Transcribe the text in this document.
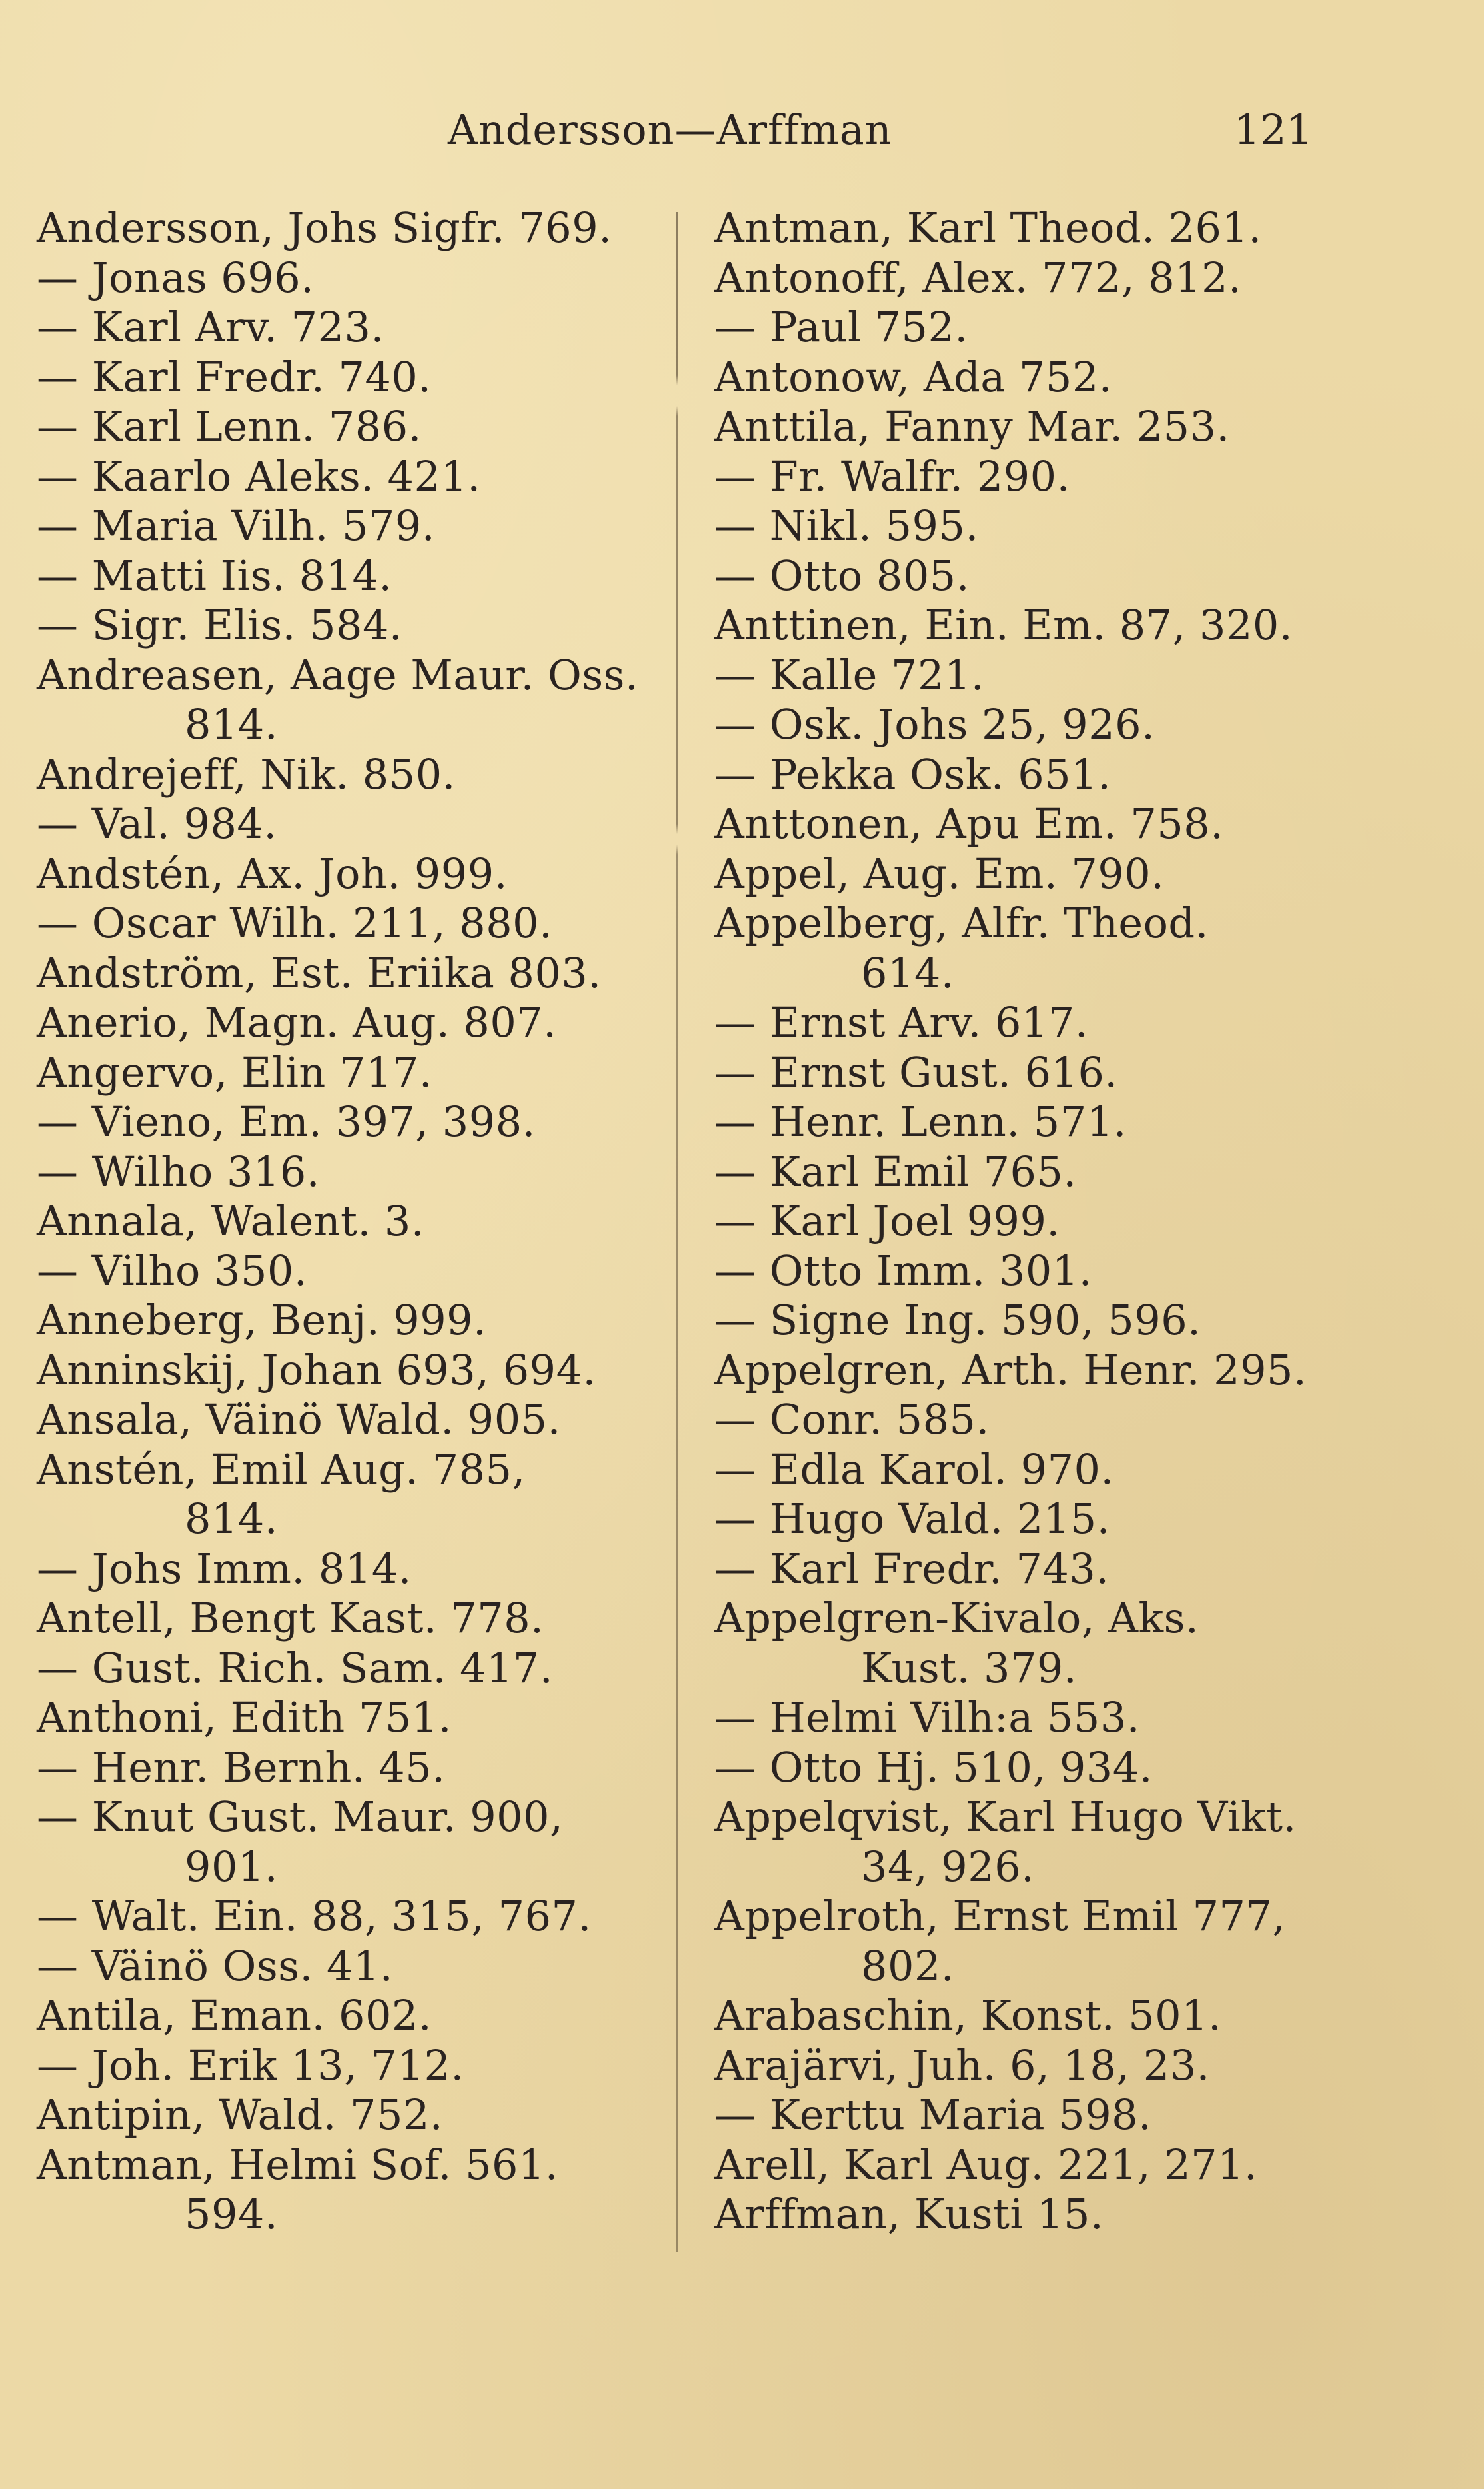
Andersson—Arffman	121
Andersson, Johs Sigfr. 769.
— Jonas 696.
— Karl Arv. 723.
— Karl Fredr. 740.
— Karl Lenn. 786.
— Kaarlo Aleks. 421.
— Maria Vilh. 579.
— Matti Iis. 814.
— Sigr. Elis. 584.
Andreasen, Aage Maur. Oss.
814.
Andrejeff, Nik. 850.
— Val. 984.
Andstén, Ax. Joh. 999.
— Oscar Wilh. 211, 880.
Andström, Est. Eriika 803.
Anerio, Magn. Aug. 807.
Angervo, Elin 717.
— Vieno, Em. 397, 398.
— Wilho 316.
Annala, Walent. 3.
— Vilho 350.
Anneberg, Benj. 999.
Anninskij, Johan 693, 694.
Ansala, Väinö Wald. 905.
Anstén, Emil Aug. 785,
814.
— Johs Imm. 814.
Antell, Bengt Kast. 778.
— Gust. Rich. Sam. 417.
Anthoni, Edith 751.
— Henr. Bernh. 45.
— Knut Gust. Maur. 900,
901.
— Walt. Ein. 88, 315, 767.
— Väinö Oss. 41.
Antila, Eman. 602.
— Joh. Erik 13, 712.
Antipin, Wald. 752.
Antman, Helmi Sof. 561.
594.
Antman, Karl Theod. 261.
Antonoff, Alex. 772, 812.
— Paul 752.
Antonow, Ada 752.
Anttila, Fanny Mar. 253.
— Fr. Walfr. 290.
— Nikl. 595.
— Otto 805.
Anttinen, Ein. Em. 87, 320.
— Kalle 721.
— Osk. Johs 25, 926.
— Pekka Osk. 651.
Anttonen, Apu Em. 758.
Appel, Aug. Em. 790.
Appelberg, Alfr. Theod.
614.
— Ernst Arv. 617.
— Ernst Gust. 616.
— Henr. Lenn. 571.
— Karl Emil 765.
— Karl Joel 999.
— Otto Imm. 301.
— Signe Ing. 590, 596.
Appelgren, Arth. Henr. 295.
— Conr. 585.
— Edla Karol. 970.
— Hugo Vald. 215.
— Karl Fredr. 743.
Appelgren-Kivalo, Aks.
Kust. 379.
— Helmi Vilh:a 553.
— Otto Hj. 510, 934.
Appelqvist, Karl Hugo Vikt.
34, 926.
Appelroth, Ernst Emil 777,
802.
Arabaschin, Konst. 501.
Arajärvi, Juh. 6, 18, 23.
— Kerttu Maria 598.
Arell, Karl Aug. 221, 271.
Arffman, Kusti 15.
